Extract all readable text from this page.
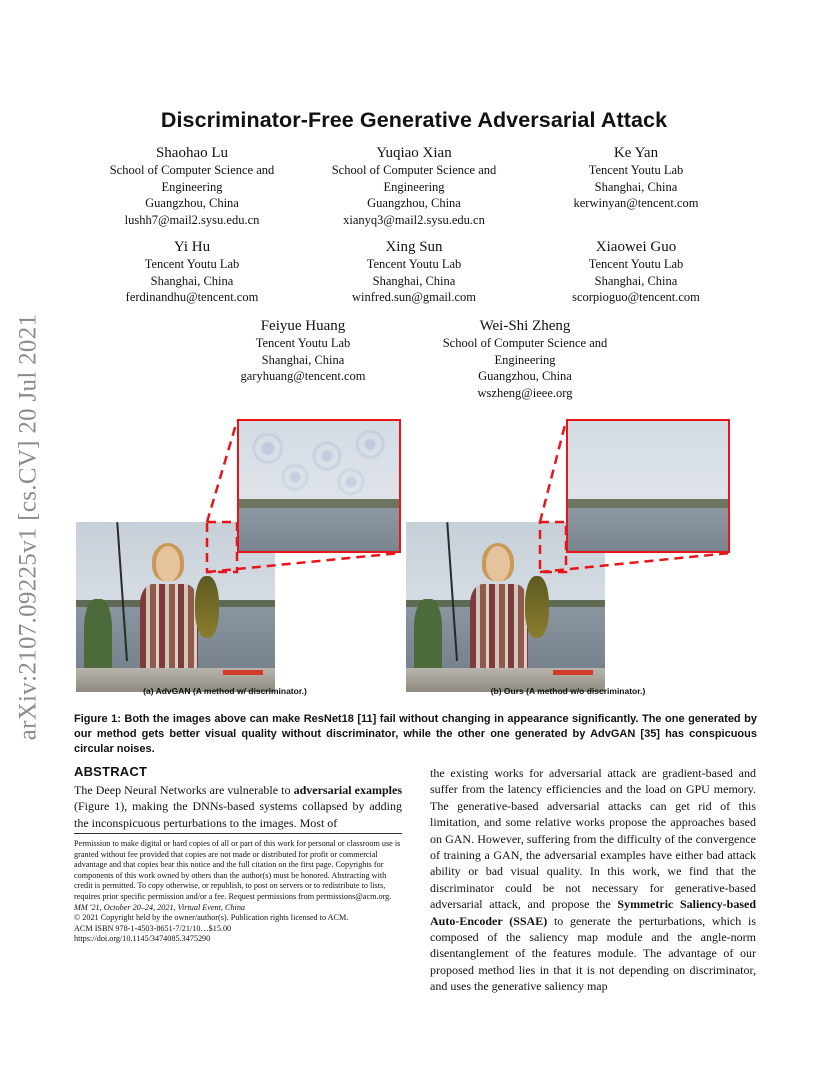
arXiv:2107.09225v1 [cs.CV] 20 Jul 2021
Discriminator-Free Generative Adversarial Attack
Shaohao Lu
School of Computer Science and
Engineering
Guangzhou, China
lushh7@mail2.sysu.edu.cn
Yuqiao Xian
School of Computer Science and
Engineering
Guangzhou, China
xianyq3@mail2.sysu.edu.cn
Ke Yan
Tencent Youtu Lab
Shanghai, China
kerwinyan@tencent.com
Yi Hu
Tencent Youtu Lab
Shanghai, China
ferdinandhu@tencent.com
Xing Sun
Tencent Youtu Lab
Shanghai, China
winfred.sun@gmail.com
Xiaowei Guo
Tencent Youtu Lab
Shanghai, China
scorpioguo@tencent.com
Feiyue Huang
Tencent Youtu Lab
Shanghai, China
garyhuang@tencent.com
Wei-Shi Zheng
School of Computer Science and
Engineering
Guangzhou, China
wszheng@ieee.org
(a) AdvGAN (A method w/ discriminator.)	(b) Ours (A method w/o discriminator.)
Figure 1: Both the images above can make ResNet18 [11] fail without changing in appearance significantly. The one generated by our method gets better visual quality without discriminator, while the other one generated by AdvGAN [35] has conspicuous circular noises.
ABSTRACT
The Deep Neural Networks are vulnerable to adversarial examples (Figure 1), making the DNNs-based systems collapsed by adding the inconspicuous perturbations to the images. Most of
the existing works for adversarial attack are gradient-based and suffer from the latency efficiencies and the load on GPU memory. The generative-based adversarial attacks can get rid of this limitation, and some relative works propose the approaches based on GAN. However, suffering from the difficulty of the convergence of training a GAN, the adversarial examples have either bad attack ability or bad visual quality. In this work, we find that the discriminator could be not necessary for generative-based adversarial attack, and propose the Symmetric Saliency-based Auto-Encoder (SSAE) to generate the perturbations, which is composed of the saliency map module and the angle-norm disentanglement of the features module. The advantage of our proposed method lies in that it is not depending on discriminator, and uses the generative saliency map
Permission to make digital or hard copies of all or part of this work for personal or classroom use is granted without fee provided that copies are not made or distributed for profit or commercial advantage and that copies bear this notice and the full citation on the first page. Copyrights for components of this work owned by others than the author(s) must be honored. Abstracting with credit is permitted. To copy otherwise, or republish, to post on servers or to redistribute to lists, requires prior specific permission and/or a fee. Request permissions from permissions@acm.org.
MM '21, October 20–24, 2021, Virtual Event, China
© 2021 Copyright held by the owner/author(s). Publication rights licensed to ACM.
ACM ISBN 978-1-4503-8651-7/21/10…$15.00
https://doi.org/10.1145/3474085.3475290
